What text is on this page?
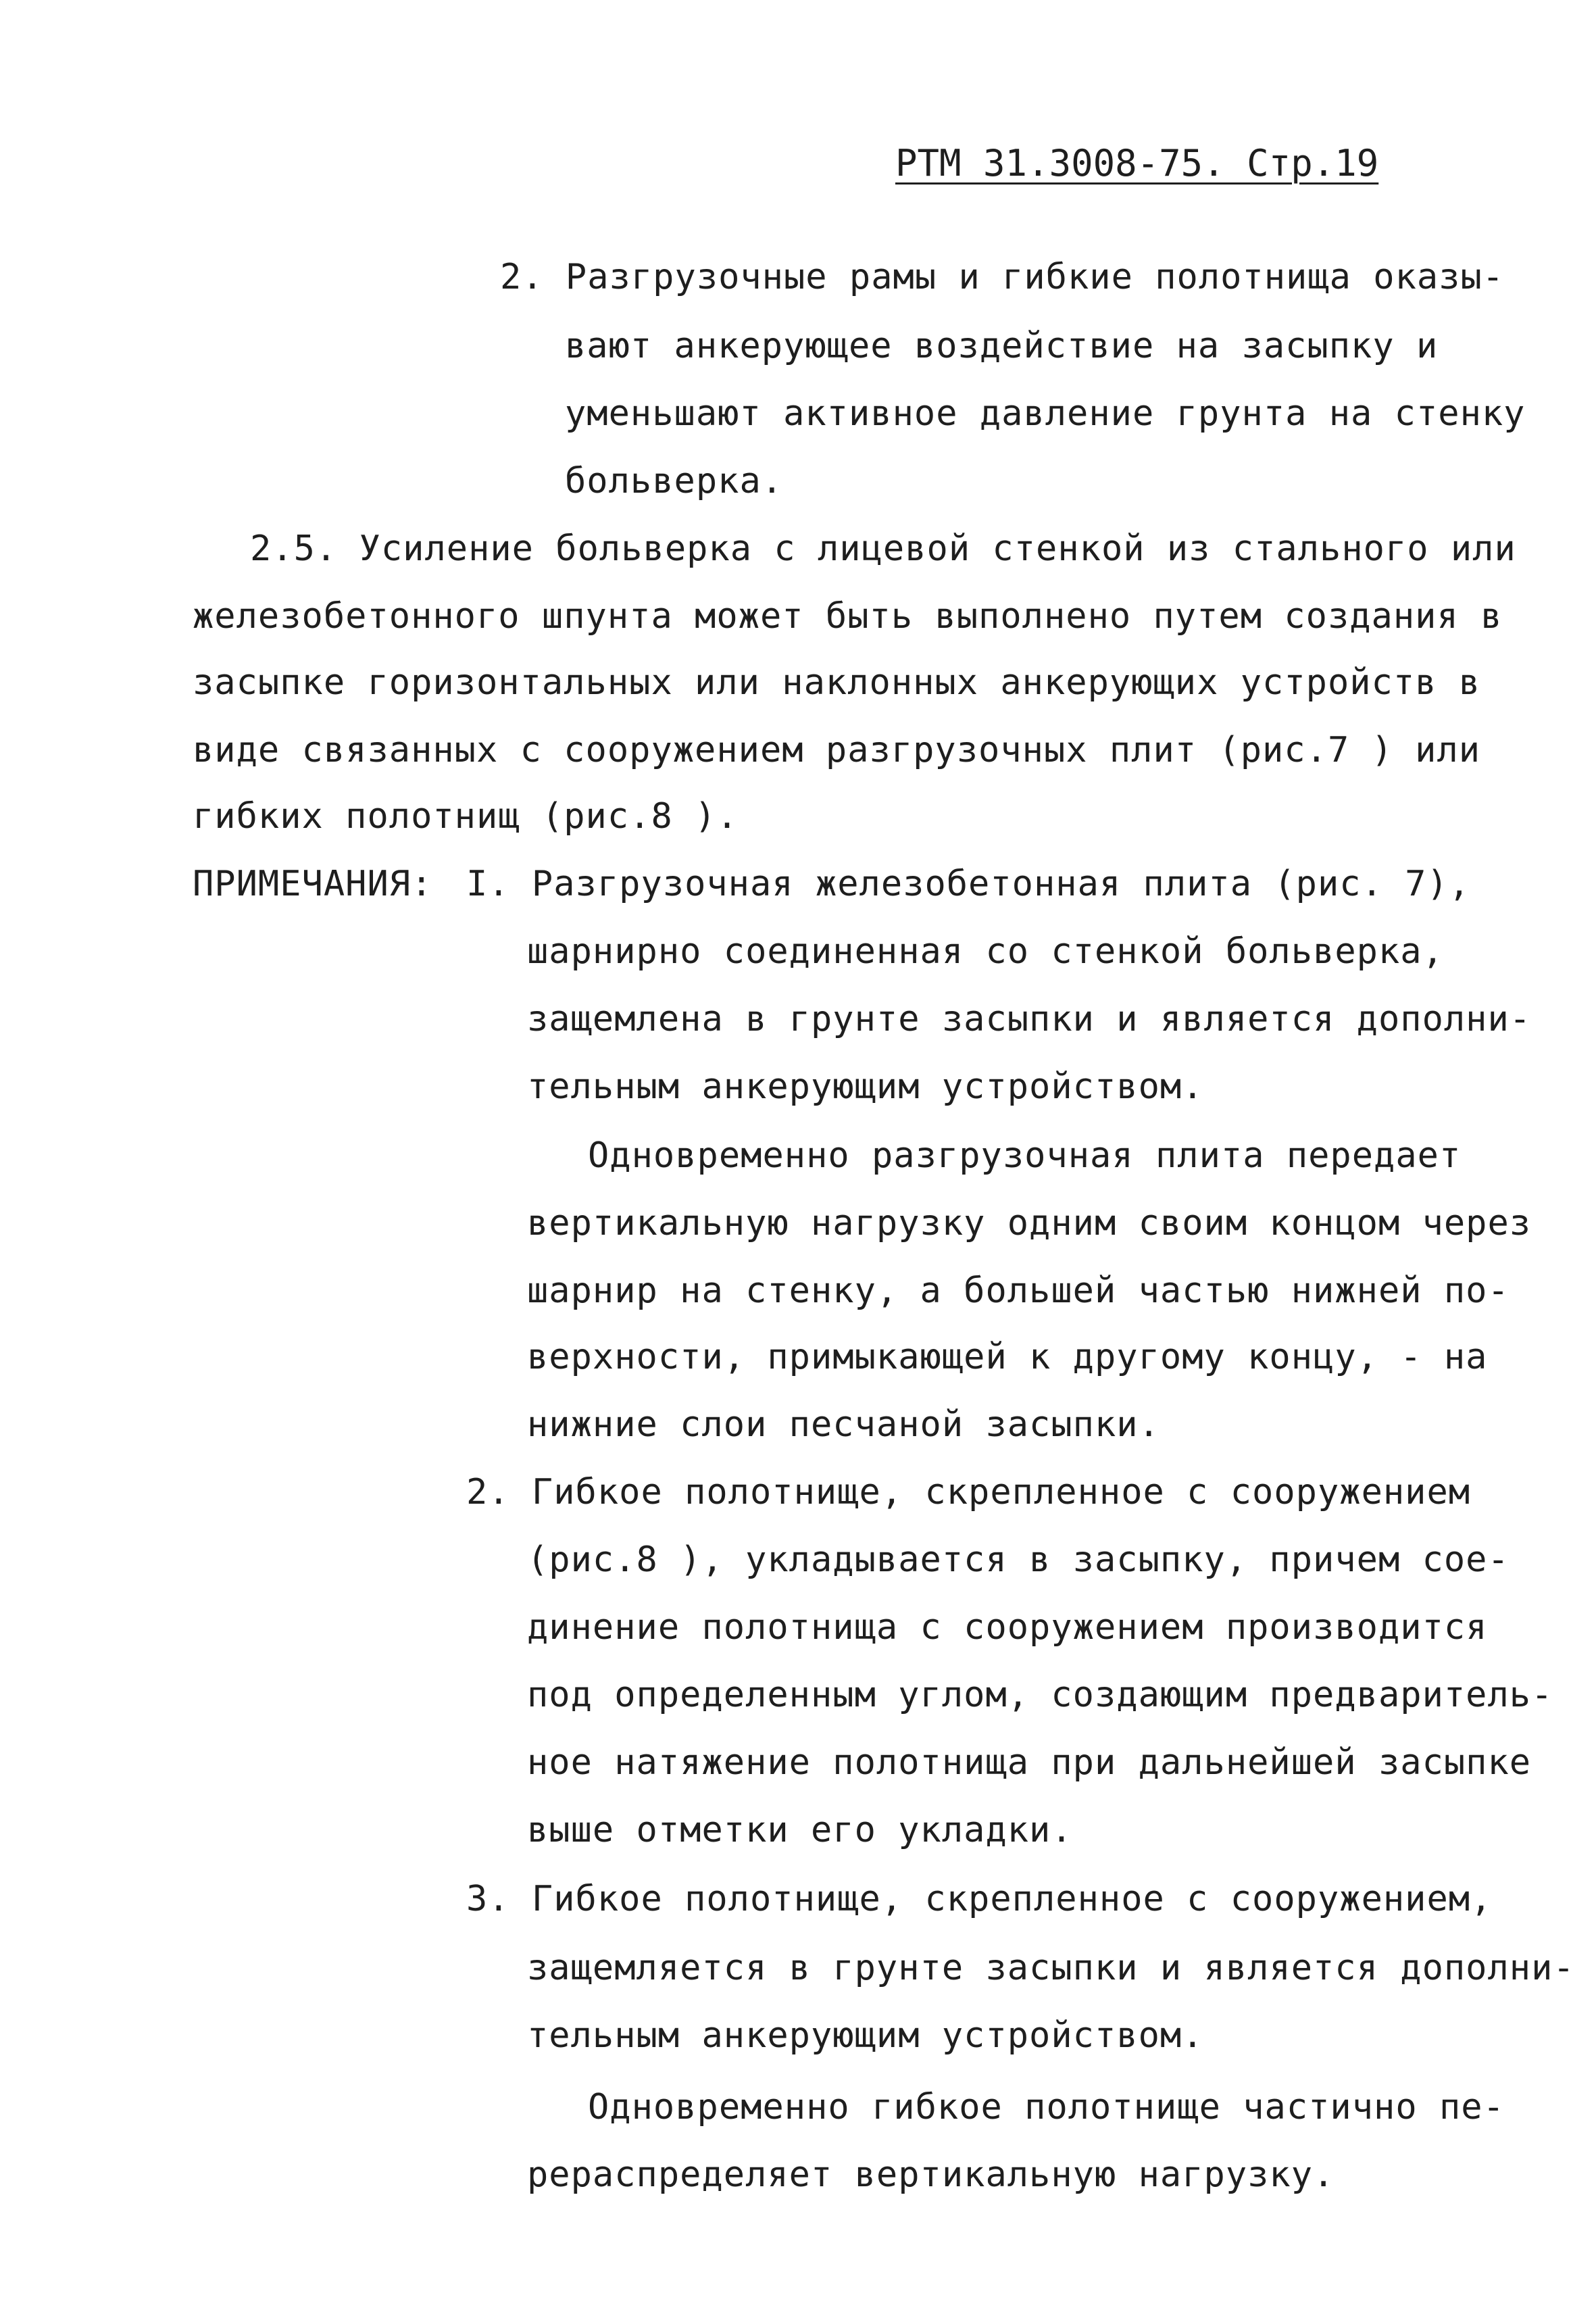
РТМ 31.3008-75. Стр.19
2. Разгрузочные рамы и гибкие полотнища оказы-
вают анкерующее воздействие на засыпку и
уменьшают активное давление грунта на стенку
больверка.
2.5. Усиление больверка с лицевой стенкой из стального или
железобетонного шпунта может быть выполнено путем создания в
засыпке горизонтальных или наклонных анкерующих устройств в
виде связанных с сооружением разгрузочных плит (рис.7 ) или
гибких полотнищ (рис.8 ).
ПРИМЕЧАНИЯ: I. Разгрузочная железобетонная плита (рис. 7),
шарнирно соединенная со стенкой больверка,
защемлена в грунте засыпки и является дополни-
тельным анкерующим устройством.
Одновременно разгрузочная плита передает
вертикальную нагрузку одним своим концом через
шарнир на стенку, а большей частью нижней по-
верхности, примыкающей к другому концу, - на
нижние слои песчаной засыпки.
2. Гибкое полотнище, скрепленное с сооружением
(рис.8 ), укладывается в засыпку, причем сое-
динение полотнища с сооружением производится
под определенным углом, создающим предваритель-
ное натяжение полотнища при дальнейшей засыпке
выше отметки его укладки.
3. Гибкое полотнище, скрепленное с сооружением,
защемляется в грунте засыпки и является дополни-
тельным анкерующим устройством.
Одновременно гибкое полотнище частично пе-
рераспределяет вертикальную нагрузку.
